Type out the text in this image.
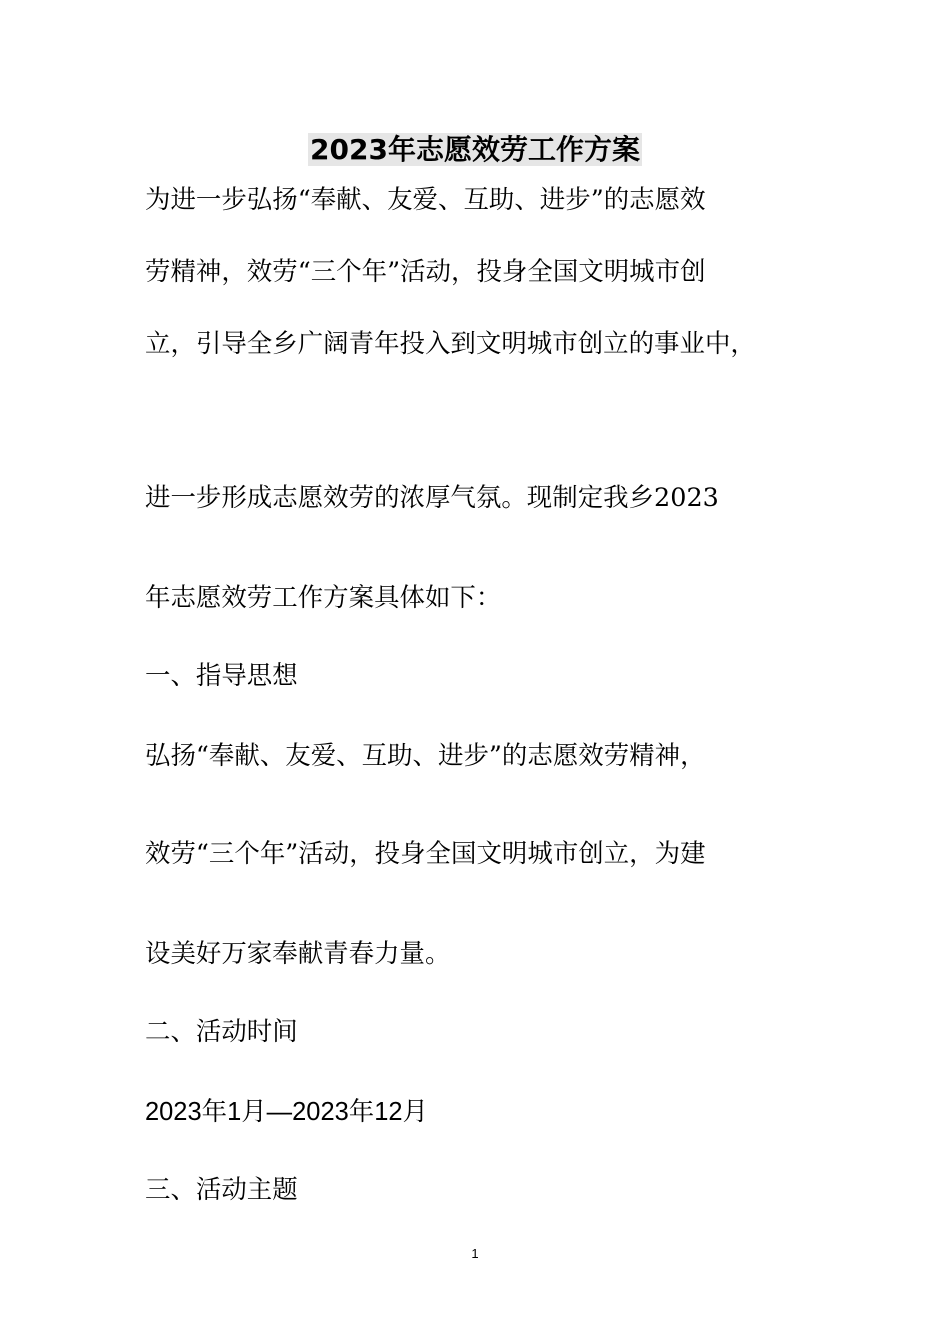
2023年志愿效劳工作方案

为进一步弘扬“奉献、友爱、互助、进步”的志愿效

劳精神，效劳“三个年”活动，投身全国文明城市创

立，引导全乡广阔青年投入到文明城市创立的事业中，

进一步形成志愿效劳的浓厚气氛。现制定我乡2023

年志愿效劳工作方案具体如下：

一、指导思想

弘扬“奉献、友爱、互助、进步”的志愿效劳精神，

效劳“三个年”活动，投身全国文明城市创立，为建

设美好万家奉献青春力量。

二、活动时间

2023年1月—2023年12月

三、活动主题

1
